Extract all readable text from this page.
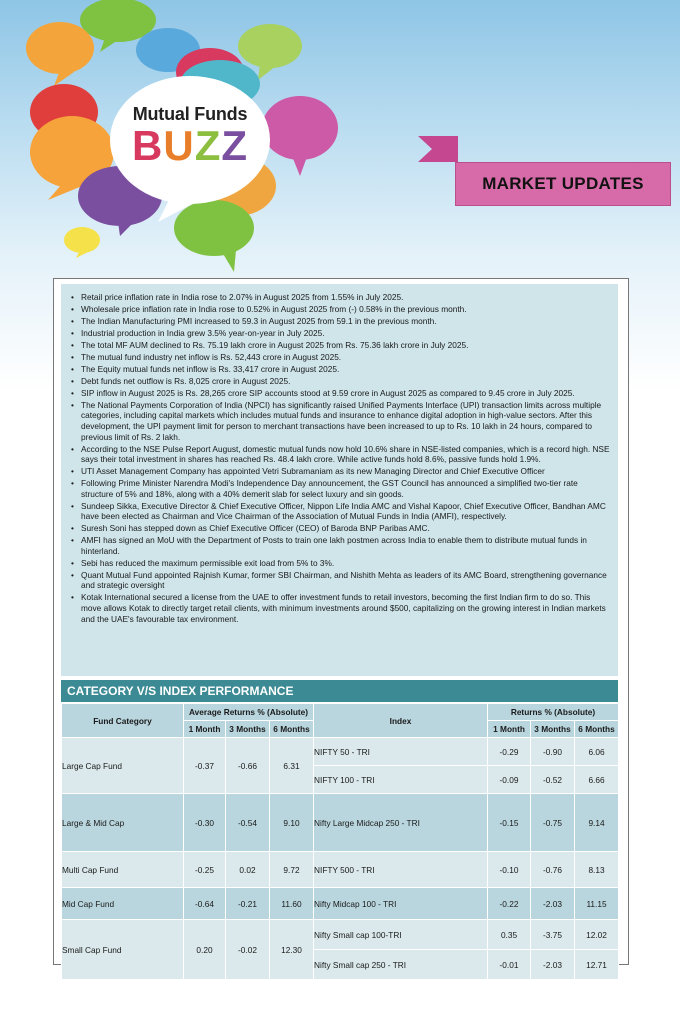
Mutual Funds
BUZZ
MARKET UPDATES
• Retail price inflation rate in India rose to 2.07% in August 2025 from 1.55% in July 2025.
• Wholesale price inflation rate in India rose to 0.52% in August 2025 from (-) 0.58% in the previous month.
• The Indian Manufacturing PMI increased to 59.3 in August 2025 from 59.1 in the previous month.
• Industrial production in India grew 3.5% year-on-year in July 2025.
• The total MF AUM declined to Rs. 75.19 lakh crore in August 2025 from Rs. 75.36 lakh crore in July 2025.
• The mutual fund industry net inflow is Rs. 52,443 crore in August 2025.
• The Equity mutual funds net inflow is Rs. 33,417 crore in August 2025.
• Debt funds net outflow is Rs. 8,025 crore in August 2025.
• SIP inflow in August 2025 is Rs. 28,265 crore SIP accounts stood at 9.59 crore in August 2025 as compared to 9.45 crore in July 2025.
• The National Payments Corporation of India (NPCI) has significantly raised Unified Payments Interface (UPI) transaction limits across multiple categories, including capital markets which includes mutual funds and insurance to enhance digital adoption in high-value sectors. After this development, the UPI payment limit for person to merchant transactions have been increased to up to Rs. 10 lakh in 24 hours, compared to previous limit of Rs. 2 lakh.
• According to the NSE Pulse Report August, domestic mutual funds now hold 10.6% share in NSE-listed companies, which is a record high. NSE says their total investment in shares has reached Rs. 48.4 lakh crore. While active funds hold 8.6%, passive funds hold 1.9%.
• UTI Asset Management Company has appointed Vetri Subramaniam as its new Managing Director and Chief Executive Officer
• Following Prime Minister Narendra Modi's Independence Day announcement, the GST Council has announced a simplified two-tier rate structure of 5% and 18%, along with a 40% demerit slab for select luxury and sin goods.
• Sundeep Sikka, Executive Director & Chief Executive Officer, Nippon Life India AMC and Vishal Kapoor, Chief Executive Officer, Bandhan AMC have been elected as Chairman and Vice Chairman of the Association of Mutual Funds in India (AMFI), respectively.
• Suresh Soni has stepped down as Chief Executive Officer (CEO) of Baroda BNP Paribas AMC.
• AMFI has signed an MoU with the Department of Posts to train one lakh postmen across India to enable them to distribute mutual funds in hinterland.
• Sebi has reduced the maximum permissible exit load from 5% to 3%.
• Quant Mutual Fund appointed Rajnish Kumar, former SBI Chairman, and Nishith Mehta as leaders of its AMC Board, strengthening governance and strategic oversight
• Kotak International secured a license from the UAE to offer investment funds to retail investors, becoming the first Indian firm to do so. This move allows Kotak to directly target retail clients, with minimum investments around $500, capitalizing on the growing interest in Indian markets and the UAE's favourable tax environment.
CATEGORY V/S INDEX PERFORMANCE
Fund Category	Average Returns % (Absolute)			Index	Returns % (Absolute)		
	1 Month	3 Months	6 Months		1 Month	3 Months	6 Months
Large Cap Fund	-0.37	-0.66	6.31	NIFTY 50 - TRI	-0.29	-0.90	6.06
				NIFTY 100 - TRI	-0.09	-0.52	6.66
Large & Mid Cap	-0.30	-0.54	9.10	Nifty Large Midcap 250 - TRI	-0.15	-0.75	9.14
Multi Cap Fund	-0.25	0.02	9.72	NIFTY 500 - TRI	-0.10	-0.76	8.13
Mid Cap Fund	-0.64	-0.21	11.60	Nifty Midcap 100 - TRI	-0.22	-2.03	11.15
Small Cap Fund	0.20	-0.02	12.30	Nifty Small cap 100-TRI	0.35	-3.75	12.02
				Nifty Small cap 250 - TRI	-0.01	-2.03	12.71
